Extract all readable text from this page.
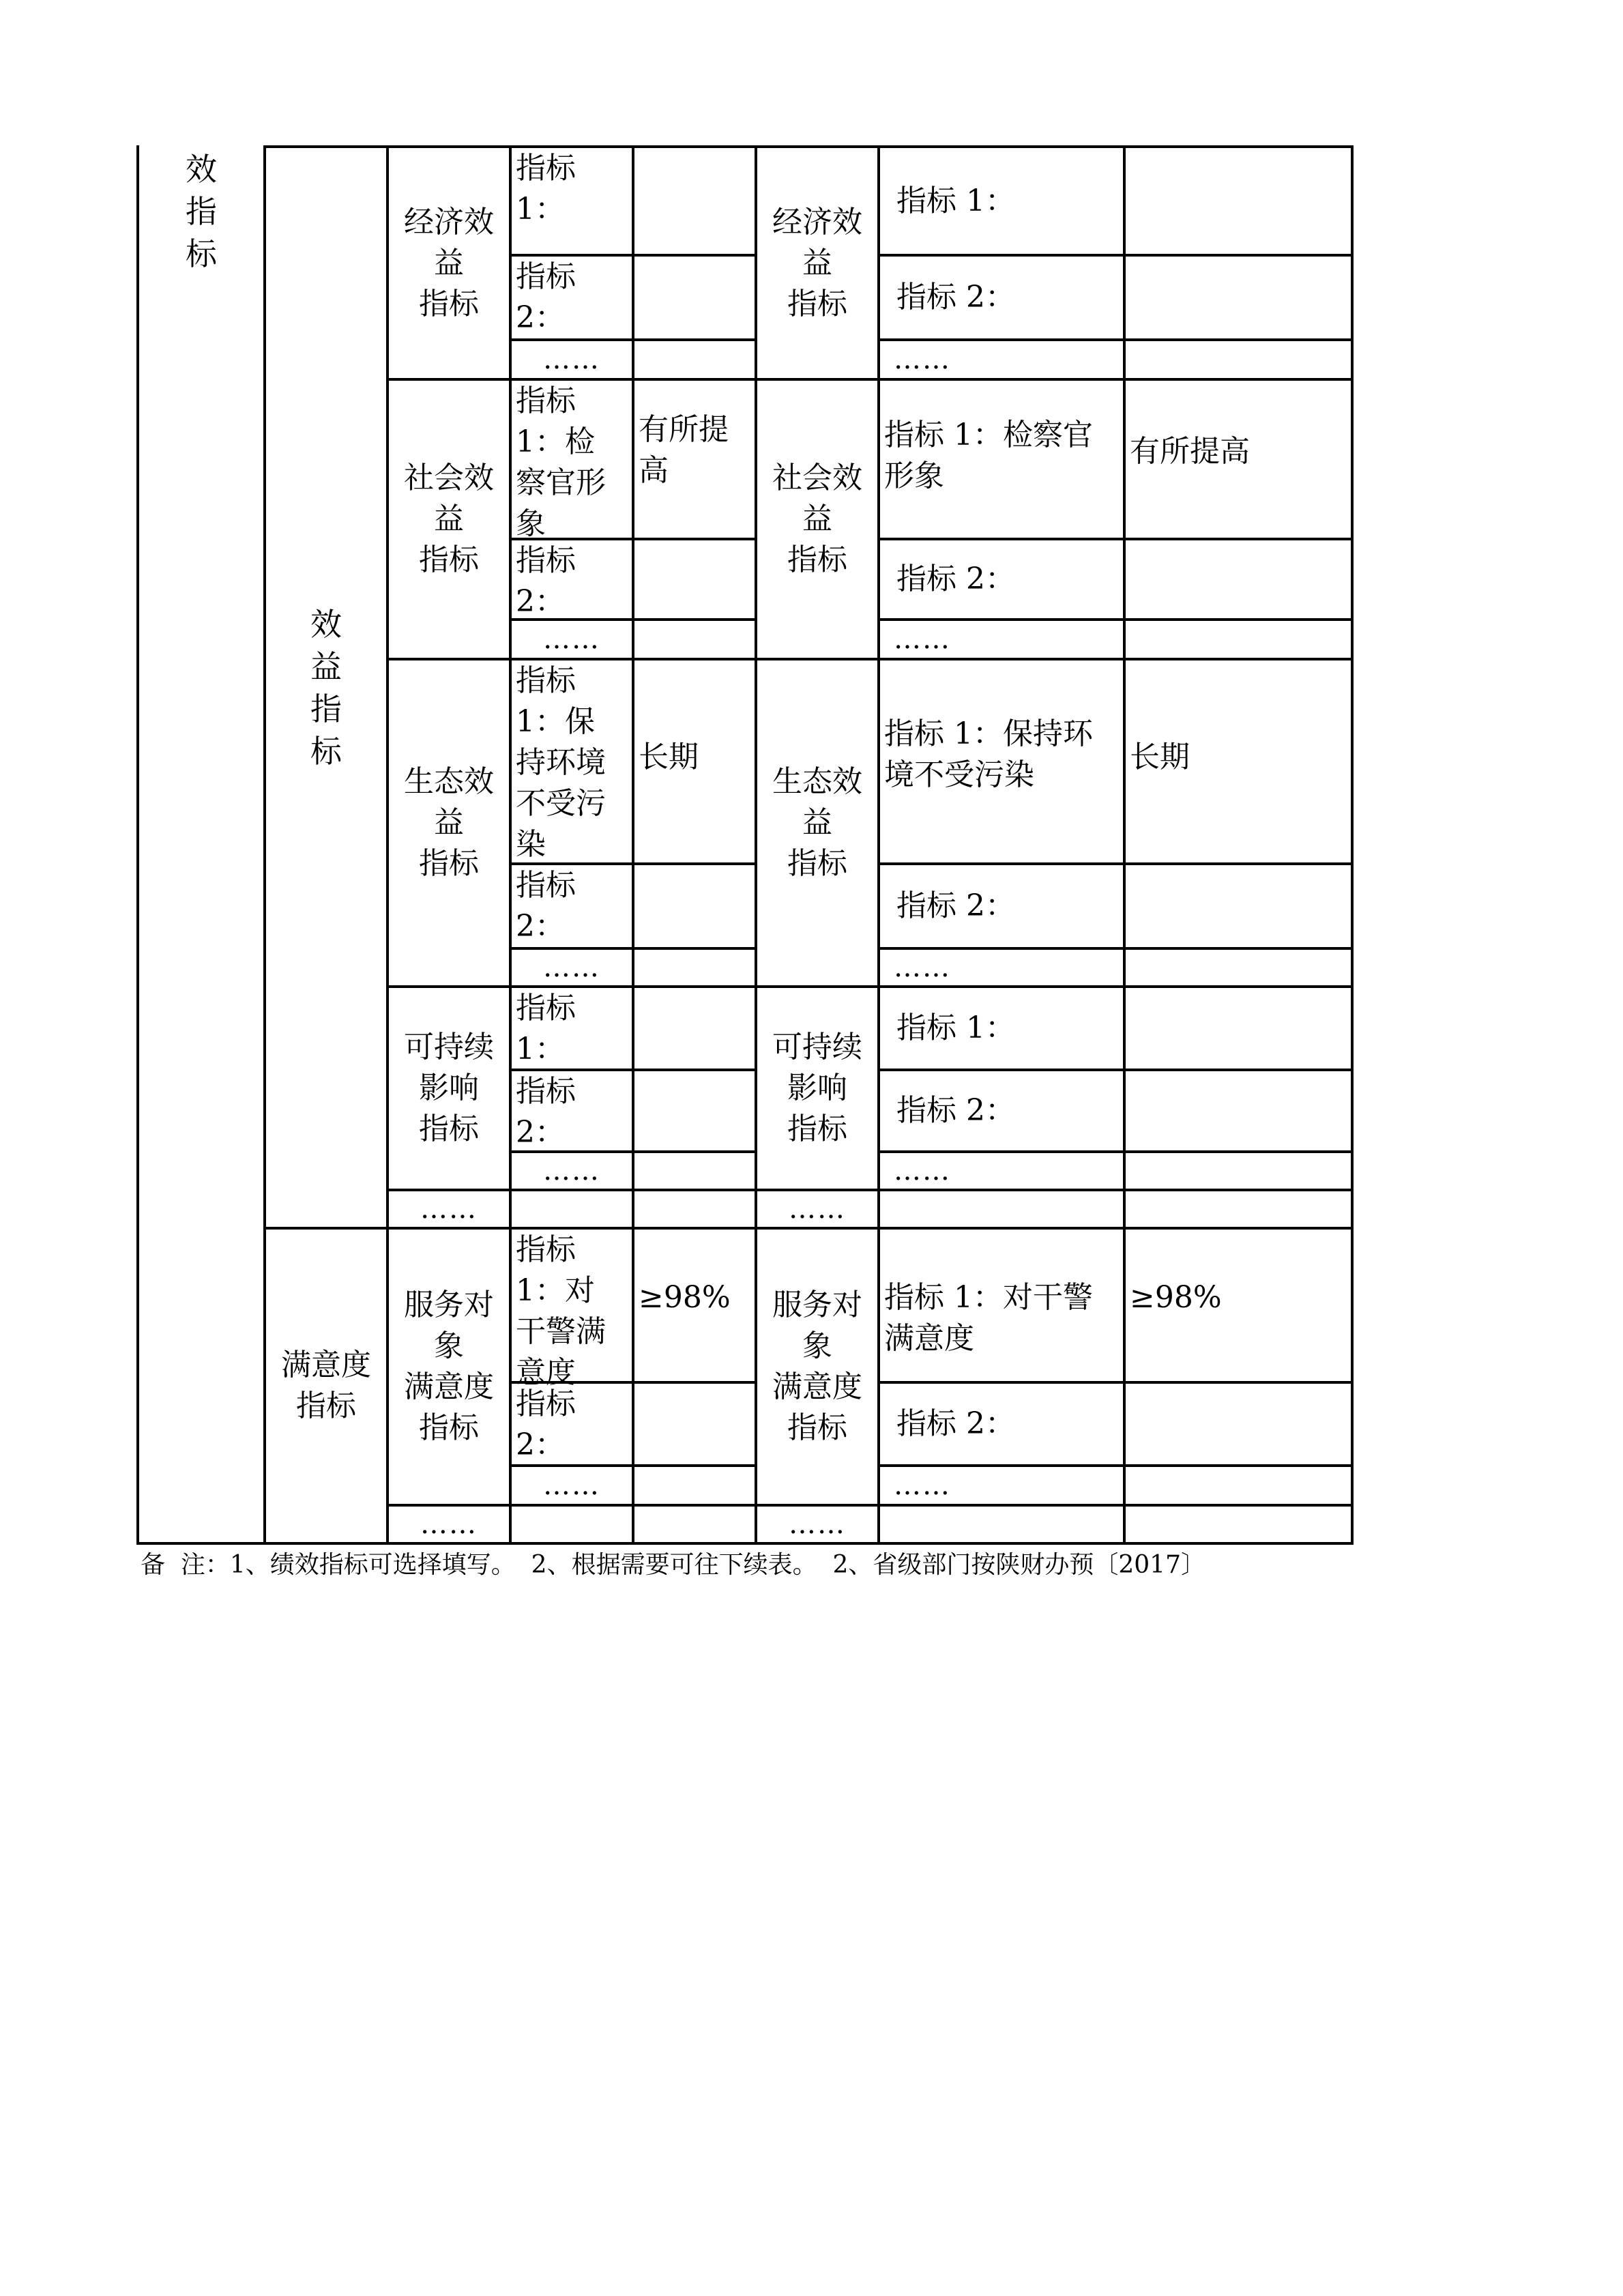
效
指
标
效
益
指
标
满意度
指标
经济效
益
指标
社会效
益
指标
生态效
益
指标
可持续
影响
指标
……
服务对
象
满意度
指标
……
经济效
益
指标
社会效
益
指标
生态效
益
指标
可持续
影响
指标
……
服务对
象
满意度
指标
……
指标
1：
指标
2：
……
指标
1：检
察官形
象
有所提
高
指标
2：
……
指标
1：保
持环境
不受污
染
长期
指标
2：
……
指标
1：
指标
2：
……
指标
1：对
干警满
意度
≥98%
指标
2：
……
指标 1：
指标 2：
……
指标 1：检察官
形象
有所提高
指标 2：
……
指标 1：保持环
境不受污染
长期
指标 2：
……
指标 1：
指标 2：
……
指标 1：对干警
满意度
≥98%
指标 2：
……
备  注：1、绩效指标可选择填写。  2、根据需要可往下续表。  2、省级部门按陕财办预〔2017〕
